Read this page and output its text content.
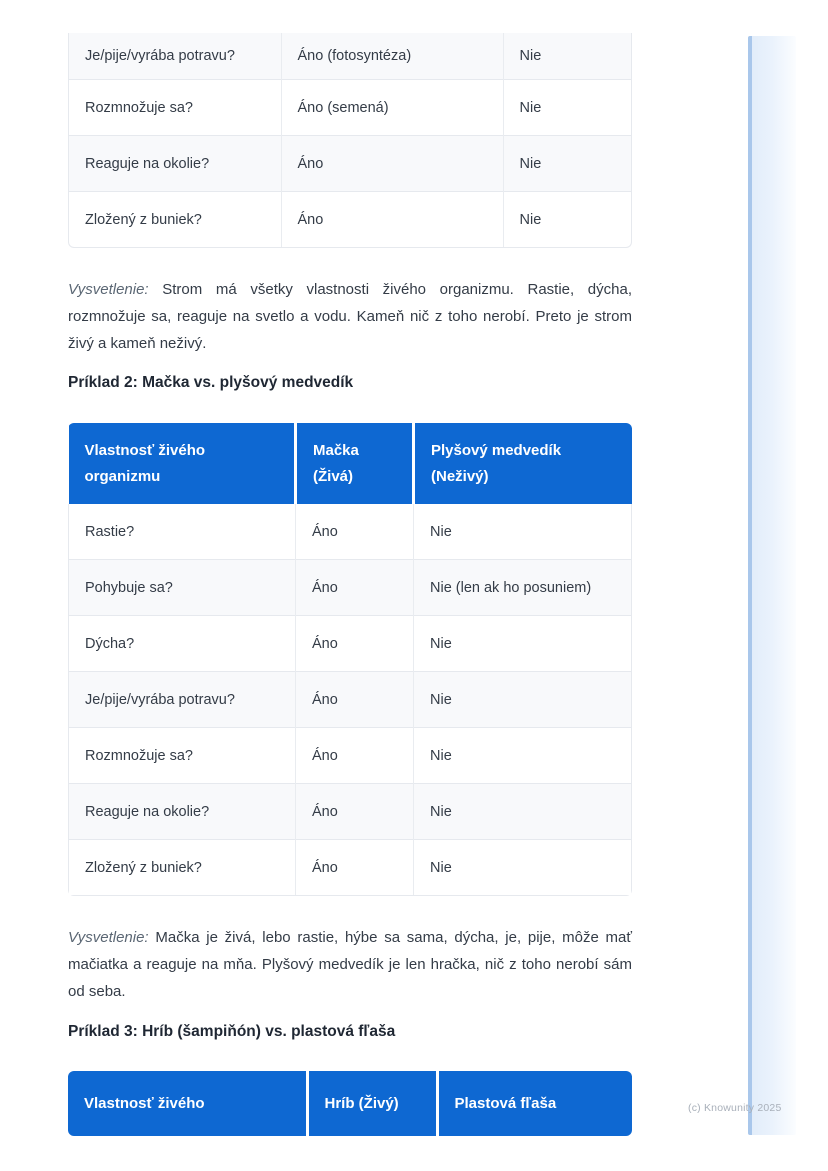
Je/pije/vyrába potravu?	Áno (fotosyntéza)	Nie
Rozmnožuje sa?	Áno (semená)	Nie
Reaguje na okolie?	Áno	Nie
Zložený z buniek?	Áno	Nie

Vysvetlenie: Strom má všetky vlastnosti živého organizmu. Rastie, dýcha, rozmnožuje sa, reaguje na svetlo a vodu. Kameň nič z toho nerobí. Preto je strom živý a kameň neživý.

Príklad 2: Mačka vs. plyšový medvedík
Vlastnosť živého
organizmu

Mačka
(Živá)

Plyšový medvedík
(Neživý)

Rastie?	Áno	Nie
Pohybuje sa?	Áno	Nie (len ak ho posuniem)
Dýcha?	Áno	Nie
Je/pije/vyrába potravu?	Áno	Nie
Rozmnožuje sa?	Áno	Nie
Reaguje na okolie?	Áno	Nie
Zložený z buniek?	Áno	Nie

Vysvetlenie: Mačka je živá, lebo rastie, hýbe sa sama, dýcha, je, pije, môže mať mačiatka a reaguje na mňa. Plyšový medvedík je len hračka, nič z toho nerobí sám od seba.

Príklad 3: Hríb (šampiňón) vs. plastová fľaša
Vlastnosť živého	Hríb (Živý)	Plastová fľaša	(c) Knowunity 2025
